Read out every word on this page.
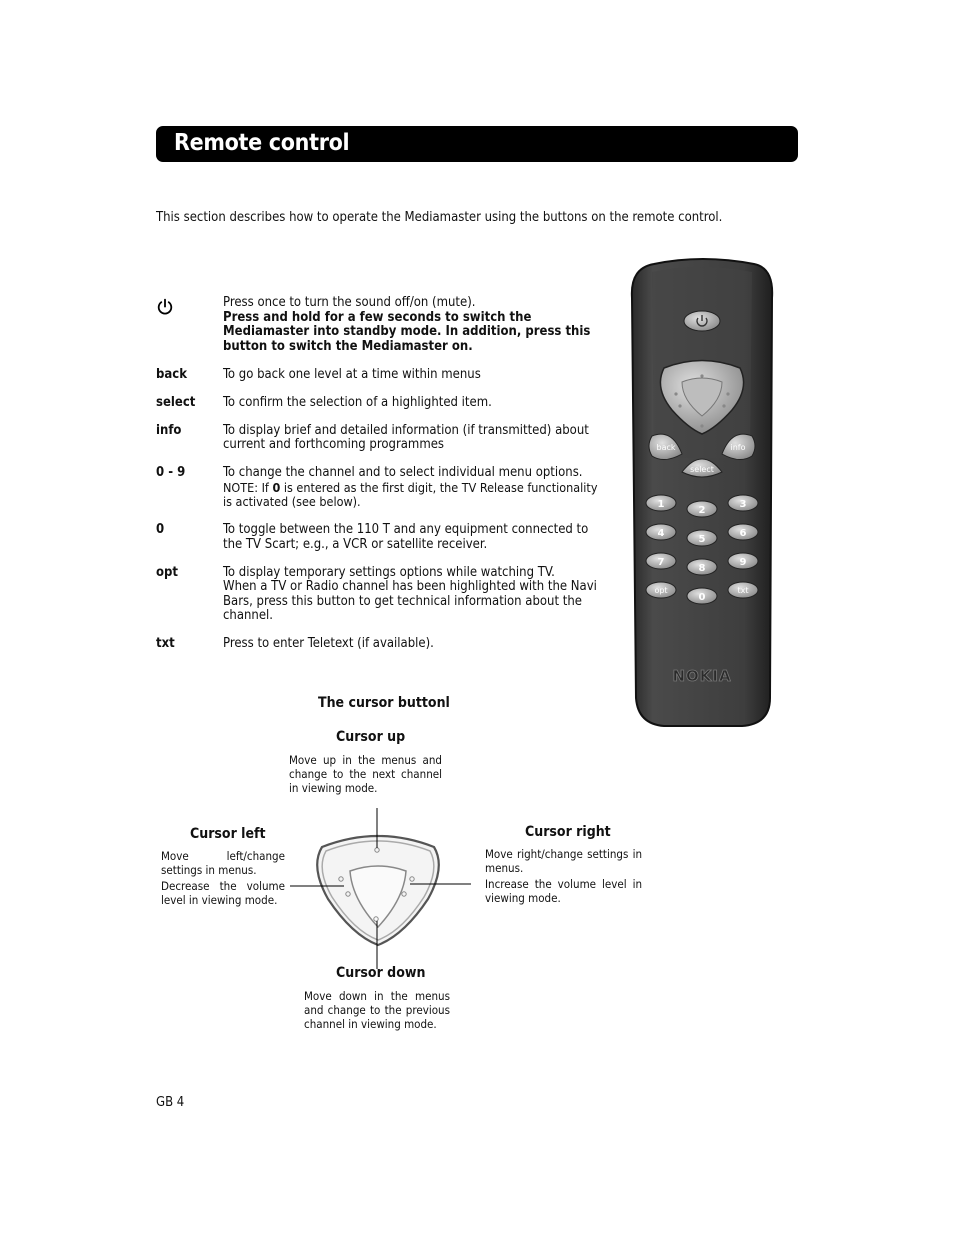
Remote control
This section describes how to operate the Mediamaster using the buttons on the remote control.

Press once to turn the sound off/on (mute).

Press and hold for a few seconds to switch the Mediamaster into standby mode. In addition, press this button to switch the Mediamaster on.

back	To go back one level at a time within menus

select To confirm the selection of a highlighted item.

info	To display brief and detailed information (if transmitted) about current and forthcoming programmes

0 - 9	To change the channel and to select individual menu options.

NOTE: If 0 is entered as the first digit, the TV Release functionality is activated (see below).

0	To toggle between the 110 T and any equipment connected to the TV Scart; e.g., a VCR or satellite receiver.

opt	To display temporary settings options while watching TV.

When a TV or Radio channel has been highlighted with the Navi Bars, press this button to get technical information about the channel.

txt	Press to enter Teletext (if available).

back	info
select
1
2
3
4
5
6
7
8
9
opt
0
txt
NOKIA
The cursor buttonl
Cursor up

Move up in the menus and change to the next channel in viewing mode.

Cursor left

Move left/change settings in menus.

Decrease the volume level in viewing mode.

Cursor right

Move right/change settings in menus.

Increase the volume level in viewing mode.

Cursor down

Move down in the menus and change to the previous channel in viewing mode.

GB 4
